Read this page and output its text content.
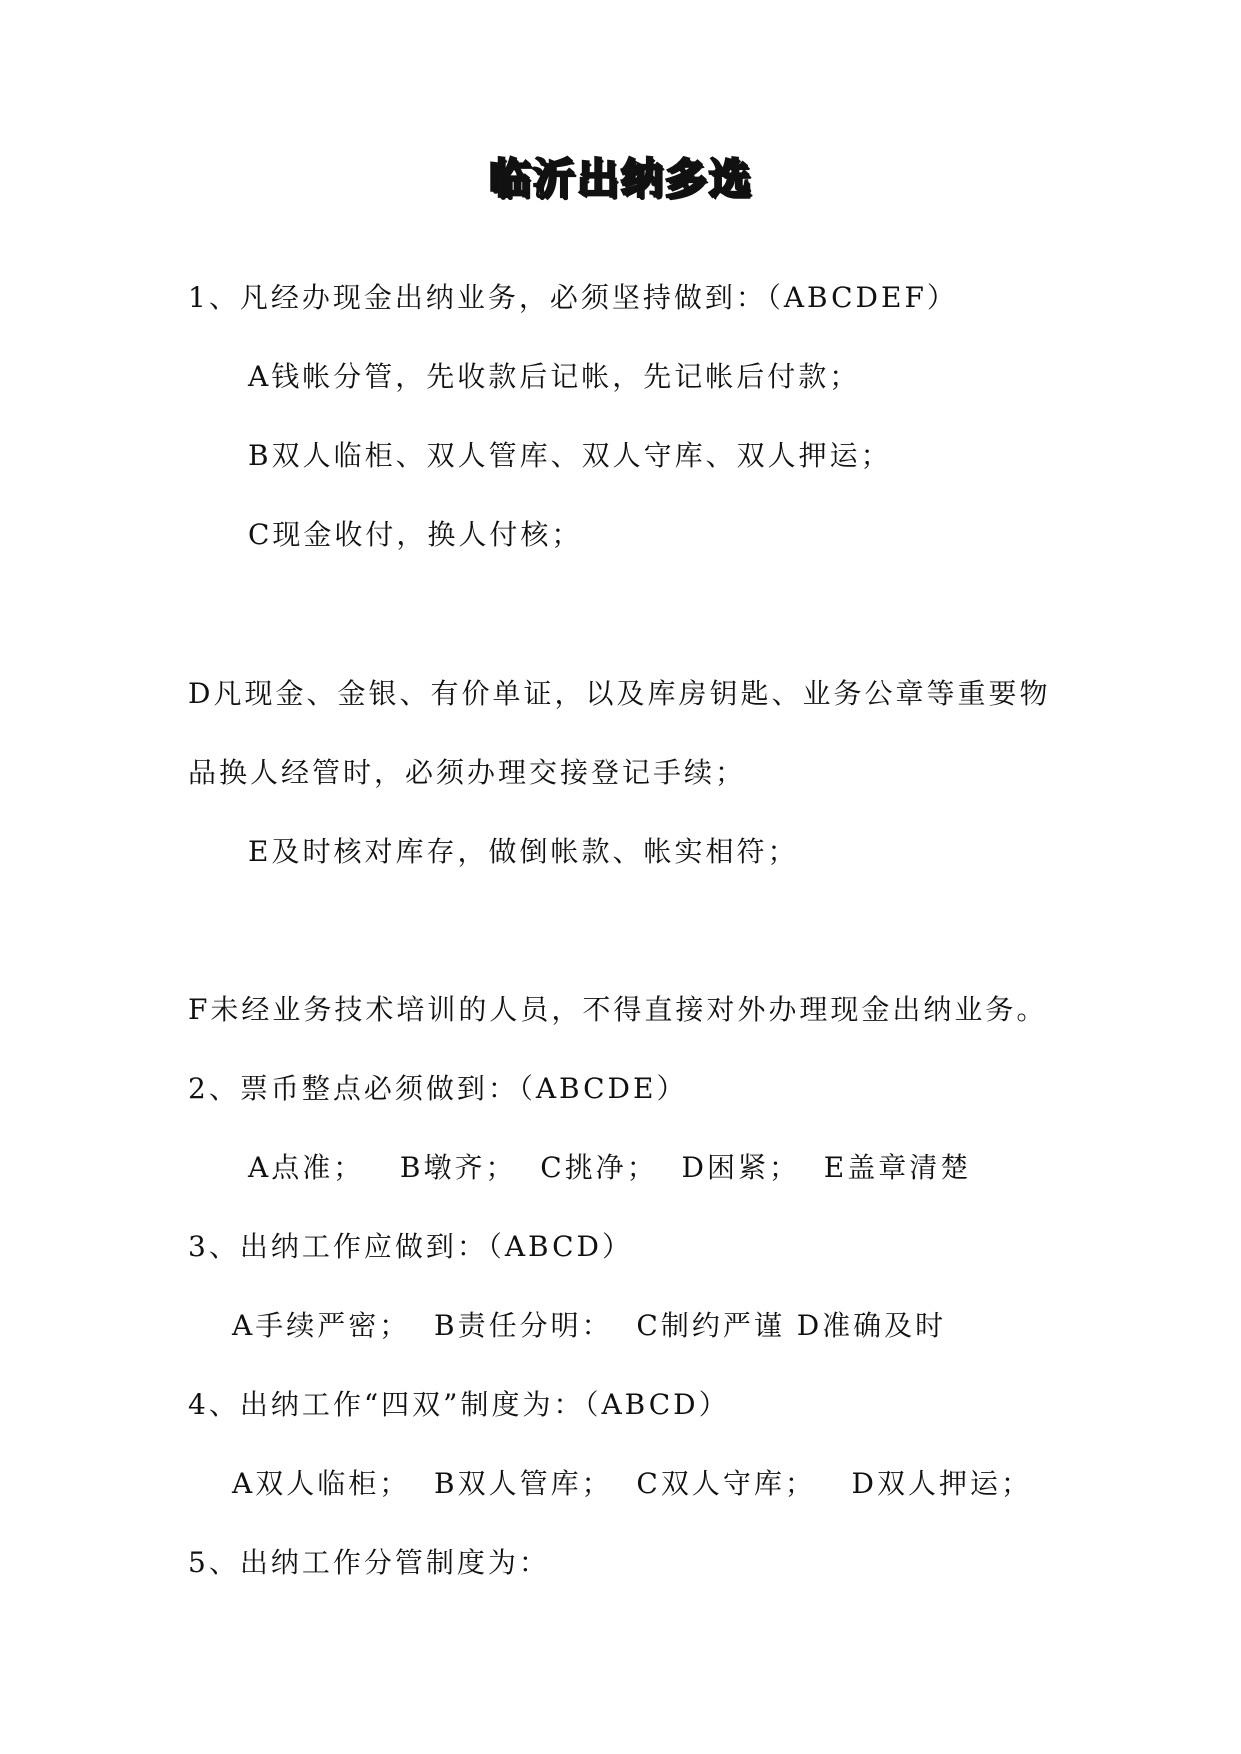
临沂出纳多选
1、凡经办现金出纳业务，必须坚持做到：（ABCDEF）
A钱帐分管，先收款后记帐，先记帐后付款；
B双人临柜、双人管库、双人守库、双人押运；
C现金收付，换人付核；
D凡现金、金银、有价单证，以及库房钥匙、业务公章等重要物
品换人经管时，必须办理交接登记手续；
E及时核对库存，做倒帐款、帐实相符；
F未经业务技术培训的人员，不得直接对外办理现金出纳业务。
2、票币整点必须做到：（ABCDE）
A点准；   B墩齐；  C挑净；  D困紧；  E盖章清楚
3、出纳工作应做到：（ABCD）
A手续严密；  B责任分明：  C制约严谨 D准确及时
4、出纳工作“四双”制度为：（ABCD）
A双人临柜；  B双人管库；  C双人守库；   D双人押运；
5、出纳工作分管制度为：
